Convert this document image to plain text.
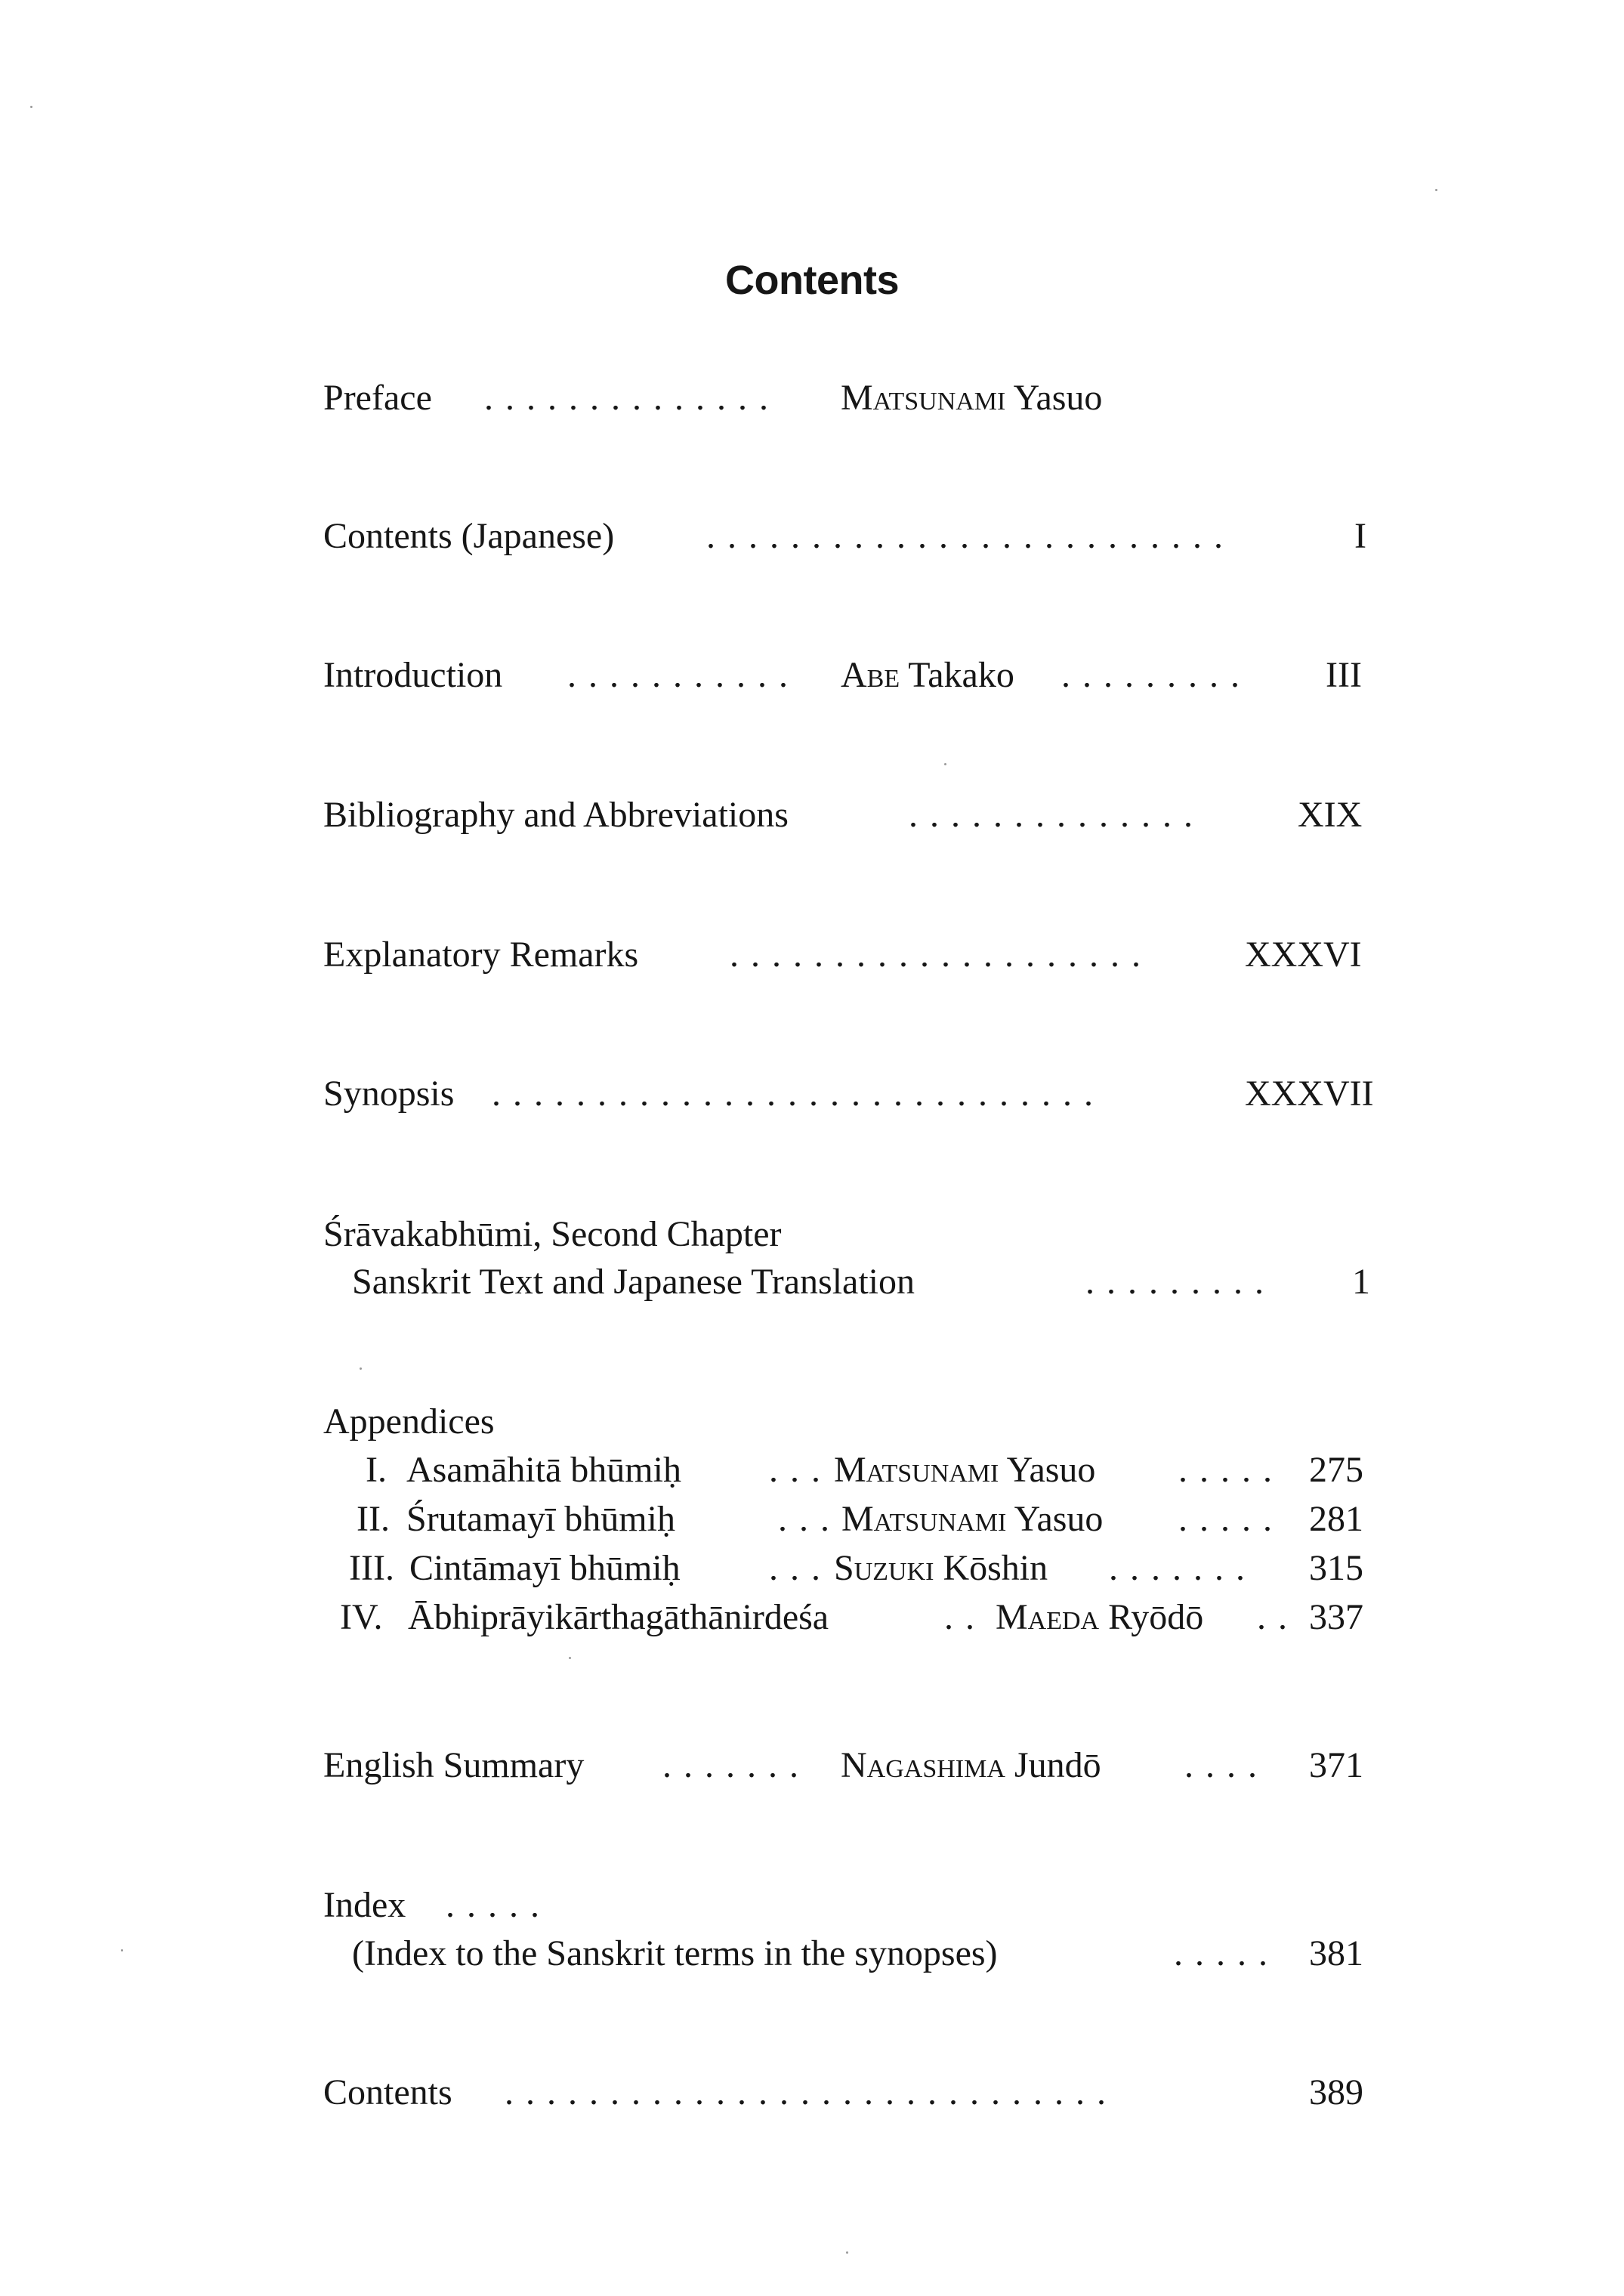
Contents
Preface . . . . . . . . . . . . . . Matsunami Yasuo
Contents (Japanese)	. . . . . . . . . . . . . . . . . . . . . . . . .	I
Introduction . . . . . . . . . . . Abe Takako . . . . . . . . . III
Bibliography and Abbreviations	. . . . . . . . . . . . . .	XIX
Explanatory Remarks	. . . . . . . . . . . . . . . . . . . .	XXXVI
Synopsis . . . . . . . . . . . . . . . . . . . . . . . . . . . . .	XXXVII
Śrāvakabhūmi, Second Chapter
Sanskrit Text and Japanese Translation	. . . . . . . . . 1
Appendices
I. Asamāhitā bhūmiḥ . . . Matsunami Yasuo . . . . . 275
II. Śrutamayī bhūmiḥ	. . . Matsunami Yasuo . . . . . 281
III. Cintāmayī bhūmiḥ . . . Suzuki Kōshin . . . . . . . 315
IV. Ābhiprāyikārthagāthānirdeśa	. . Maeda Ryōdō . . 337
English Summary . . . . . . . Nagashima Jundō . . . . 371
Index . . . . .
(Index to the Sanskrit terms in the synopses)	. . . . . 381
Contents . . . . . . . . . . . . . . . . . . . . . . . . . . . . .	389
